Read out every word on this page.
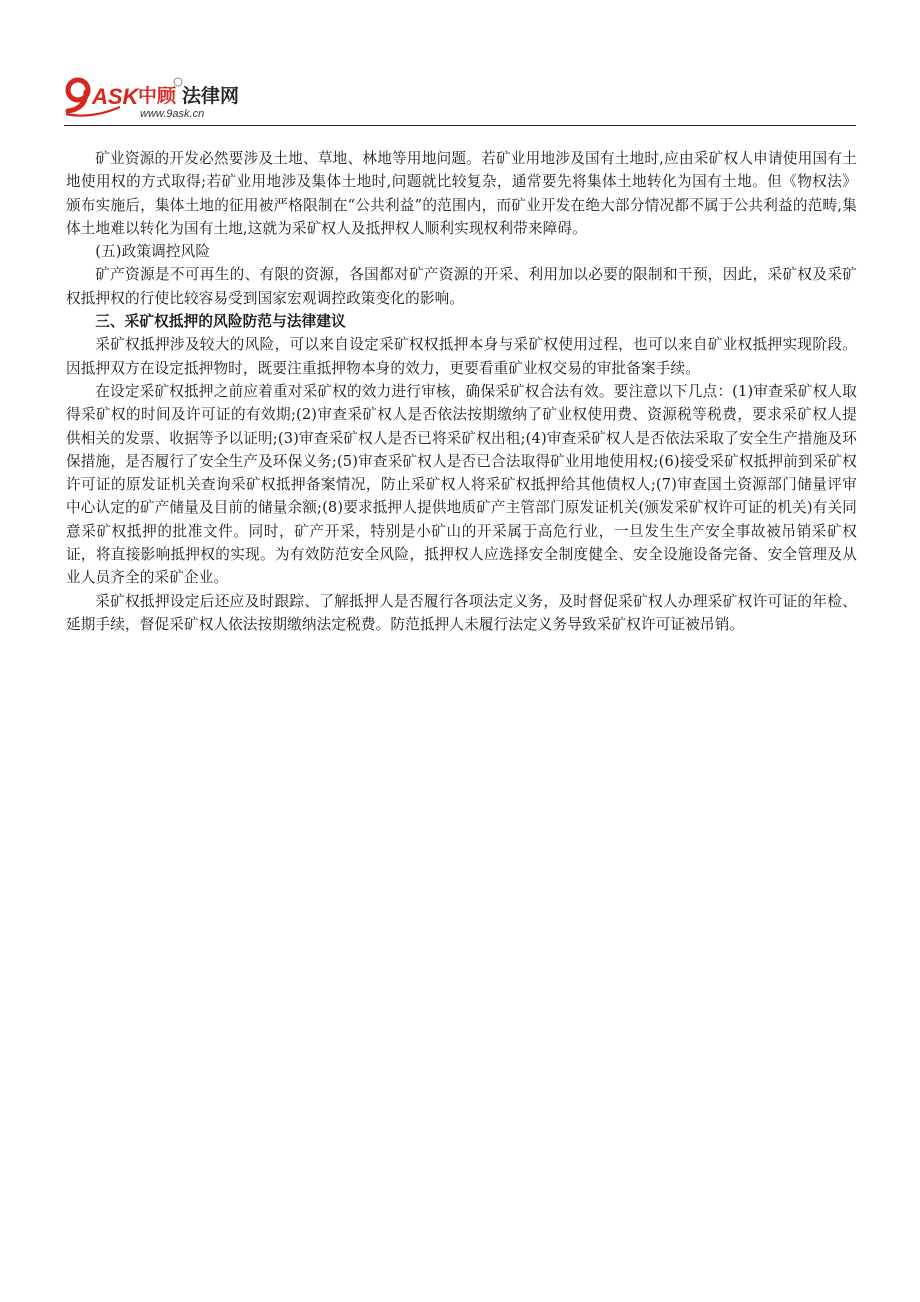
ASK 中顾 法律网
www.9ask.cn

矿业资源的开发必然要涉及土地、草地、林地等用地问题。若矿业用地涉及国有土地时,应由采矿权人申请使用国有土地使用权的方式取得;若矿业用地涉及集体土地时,问题就比较复杂，通常要先将集体土地转化为国有土地。但《物权法》颁布实施后，集体土地的征用被严格限制在“公共利益”的范围内，而矿业开发在绝大部分情况都不属于公共利益的范畴,集体土地难以转化为国有土地,这就为采矿权人及抵押权人顺利实现权利带来障碍。

(五)政策调控风险

矿产资源是不可再生的、有限的资源，各国都对矿产资源的开采、利用加以必要的限制和干预，因此，采矿权及采矿权抵押权的行使比较容易受到国家宏观调控政策变化的影响。

三、采矿权抵押的风险防范与法律建议

采矿权抵押涉及较大的风险，可以来自设定采矿权权抵押本身与采矿权使用过程，也可以来自矿业权抵押实现阶段。因抵押双方在设定抵押物时，既要注重抵押物本身的效力，更要看重矿业权交易的审批备案手续。

在设定采矿权抵押之前应着重对采矿权的效力进行审核，确保采矿权合法有效。要注意以下几点：(1)审查采矿权人取得采矿权的时间及许可证的有效期;(2)审查采矿权人是否依法按期缴纳了矿业权使用费、资源税等税费，要求采矿权人提供相关的发票、收据等予以证明;(3)审查采矿权人是否已将采矿权出租;(4)审查采矿权人是否依法采取了安全生产措施及环保措施，是否履行了安全生产及环保义务;(5)审查采矿权人是否已合法取得矿业用地使用权;(6)接受采矿权抵押前到采矿权许可证的原发证机关查询采矿权抵押备案情况，防止采矿权人将采矿权抵押给其他债权人;(7)审查国土资源部门储量评审中心认定的矿产储量及目前的储量余额;(8)要求抵押人提供地质矿产主管部门原发证机关(颁发采矿权许可证的机关)有关同意采矿权抵押的批准文件。同时，矿产开采，特别是小矿山的开采属于高危行业，一旦发生生产安全事故被吊销采矿权证，将直接影响抵押权的实现。为有效防范安全风险，抵押权人应选择安全制度健全、安全设施设备完备、安全管理及从业人员齐全的采矿企业。

采矿权抵押设定后还应及时跟踪、了解抵押人是否履行各项法定义务，及时督促采矿权人办理采矿权许可证的年检、延期手续，督促采矿权人依法按期缴纳法定税费。防范抵押人未履行法定义务导致采矿权许可证被吊销。
